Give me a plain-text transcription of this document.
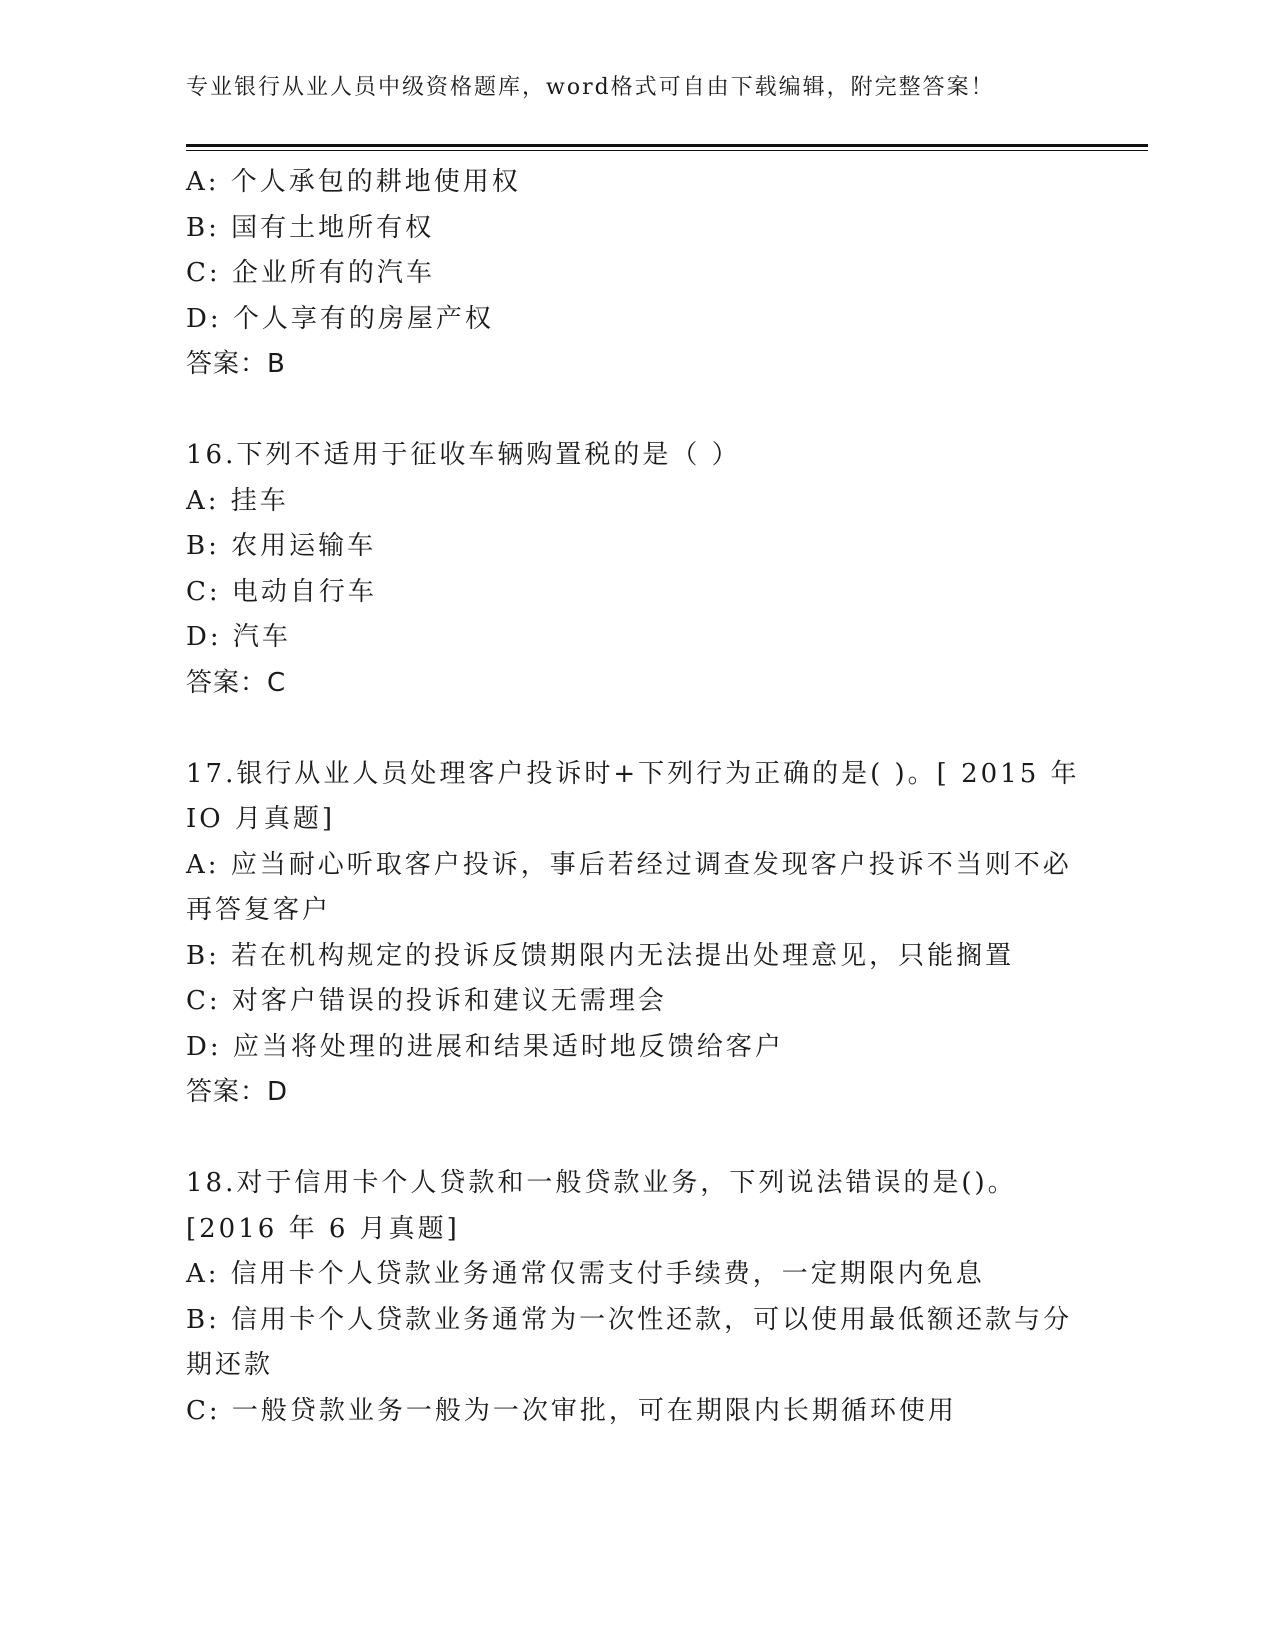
专业银行从业人员中级资格题库，word格式可自由下载编辑，附完整答案！
A: 个人承包的耕地使用权
B: 国有土地所有权
C: 企业所有的汽车
D: 个人享有的房屋产权
答案：B
16.下列不适用于征收车辆购置税的是（ ）
A: 挂车
B: 农用运输车
C: 电动自行车
D: 汽车
答案：C
17.银行从业人员处理客户投诉时+下列行为正确的是( )。[ 2015 年
IO 月真题]
A: 应当耐心听取客户投诉，事后若经过调查发现客户投诉不当则不必
再答复客户
B: 若在机构规定的投诉反馈期限内无法提出处理意见，只能搁置
C: 对客户错误的投诉和建议无需理会
D: 应当将处理的进展和结果适时地反馈给客户
答案：D
18.对于信用卡个人贷款和一般贷款业务，下列说法错误的是()。
[2016 年 6 月真题]
A: 信用卡个人贷款业务通常仅需支付手续费，一定期限内免息
B: 信用卡个人贷款业务通常为一次性还款，可以使用最低额还款与分
期还款
C: 一般贷款业务一般为一次审批，可在期限内长期循环使用
